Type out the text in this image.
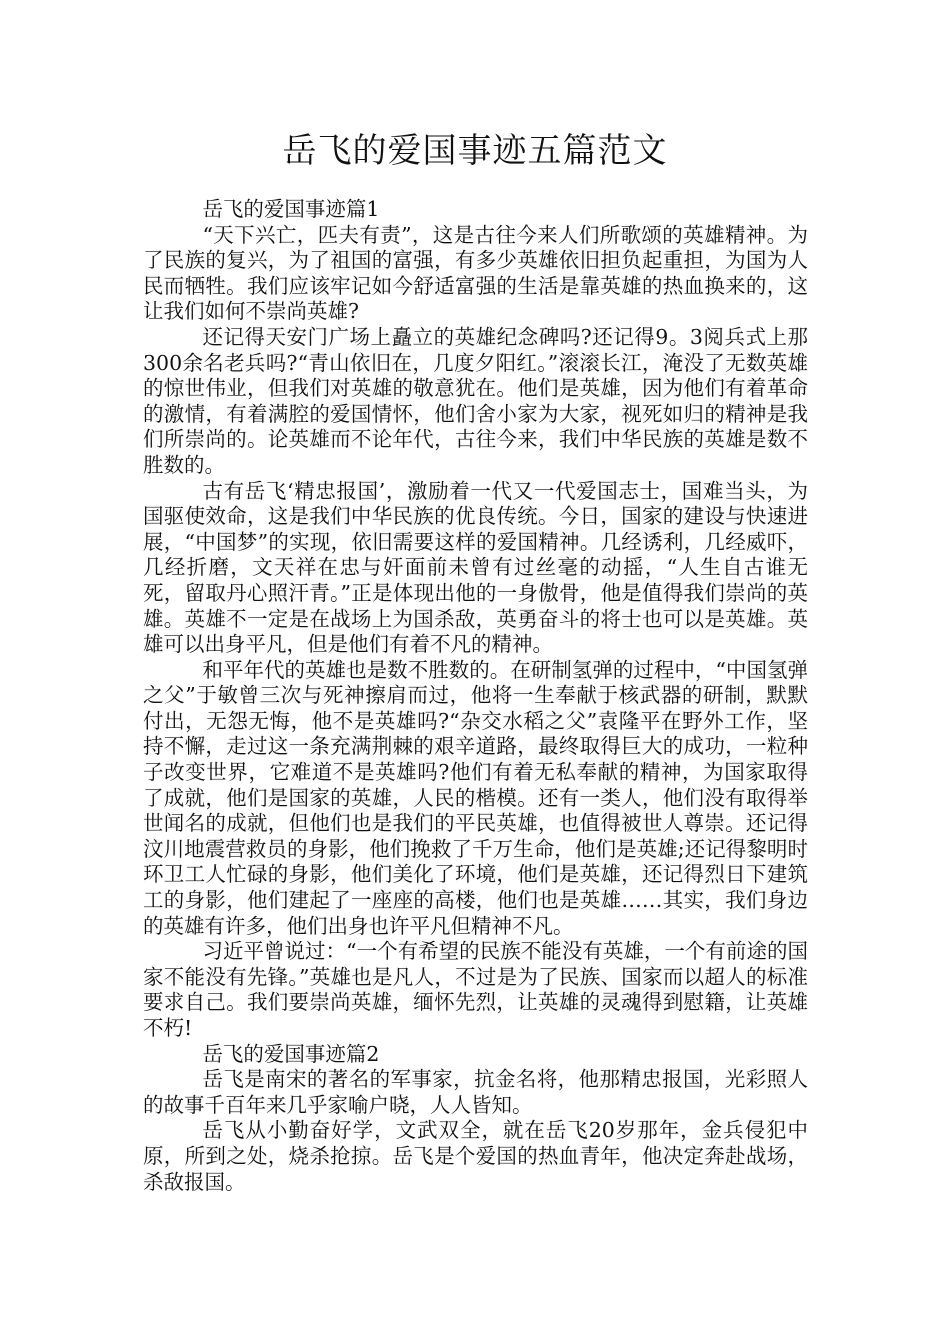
岳飞的爱国事迹五篇范文

岳飞的爱国事迹篇1

“天下兴亡，匹夫有责”，这是古往今来人们所歌颂的英雄精神。为了民族的复兴，为了祖国的富强，有多少英雄依旧担负起重担，为国为人民而牺牲。我们应该牢记如今舒适富强的生活是靠英雄的热血换来的，这让我们如何不崇尚英雄?

还记得天安门广场上矗立的英雄纪念碑吗?还记得9。3阅兵式上那300余名老兵吗?“青山依旧在，几度夕阳红。”滚滚长江，淹没了无数英雄的惊世伟业，但我们对英雄的敬意犹在。他们是英雄，因为他们有着革命的激情，有着满腔的爱国情怀，他们舍小家为大家，视死如归的精神是我们所崇尚的。论英雄而不论年代，古往今来，我们中华民族的英雄是数不胜数的。

古有岳飞‘精忠报国’，激励着一代又一代爱国志士，国难当头，为国驱使效命，这是我们中华民族的优良传统。今日，国家的建设与快速进展，“中国梦”的实现，依旧需要这样的爱国精神。几经诱利，几经威吓，几经折磨，文天祥在忠与奸面前未曾有过丝毫的动摇，“人生自古谁无死，留取丹心照汗青。”正是体现出他的一身傲骨，他是值得我们崇尚的英雄。英雄不一定是在战场上为国杀敌，英勇奋斗的将士也可以是英雄。英雄可以出身平凡，但是他们有着不凡的精神。

和平年代的英雄也是数不胜数的。在研制氢弹的过程中，“中国氢弹之父”于敏曾三次与死神擦肩而过，他将一生奉献于核武器的研制，默默付出，无怨无悔，他不是英雄吗?“杂交水稻之父”袁隆平在野外工作，坚持不懈，走过这一条充满荆棘的艰辛道路，最终取得巨大的成功，一粒种子改变世界，它难道不是英雄吗?他们有着无私奉献的精神，为国家取得了成就，他们是国家的英雄，人民的楷模。还有一类人，他们没有取得举世闻名的成就，但他们也是我们的平民英雄，也值得被世人尊崇。还记得汶川地震营救员的身影，他们挽救了千万生命，他们是英雄;还记得黎明时环卫工人忙碌的身影，他们美化了环境，他们是英雄，还记得烈日下建筑工的身影，他们建起了一座座的高楼，他们也是英雄……其实，我们身边的英雄有许多，他们出身也许平凡但精神不凡。

习近平曾说过：“一个有希望的民族不能没有英雄，一个有前途的国家不能没有先锋。”英雄也是凡人，不过是为了民族、国家而以超人的标准要求自己。我们要崇尚英雄，缅怀先烈，让英雄的灵魂得到慰籍，让英雄不朽!

岳飞的爱国事迹篇2

岳飞是南宋的著名的军事家，抗金名将，他那精忠报国，光彩照人的故事千百年来几乎家喻户晓，人人皆知。

岳飞从小勤奋好学，文武双全，就在岳飞20岁那年，金兵侵犯中原，所到之处，烧杀抢掠。岳飞是个爱国的热血青年，他决定奔赴战场，杀敌报国。
